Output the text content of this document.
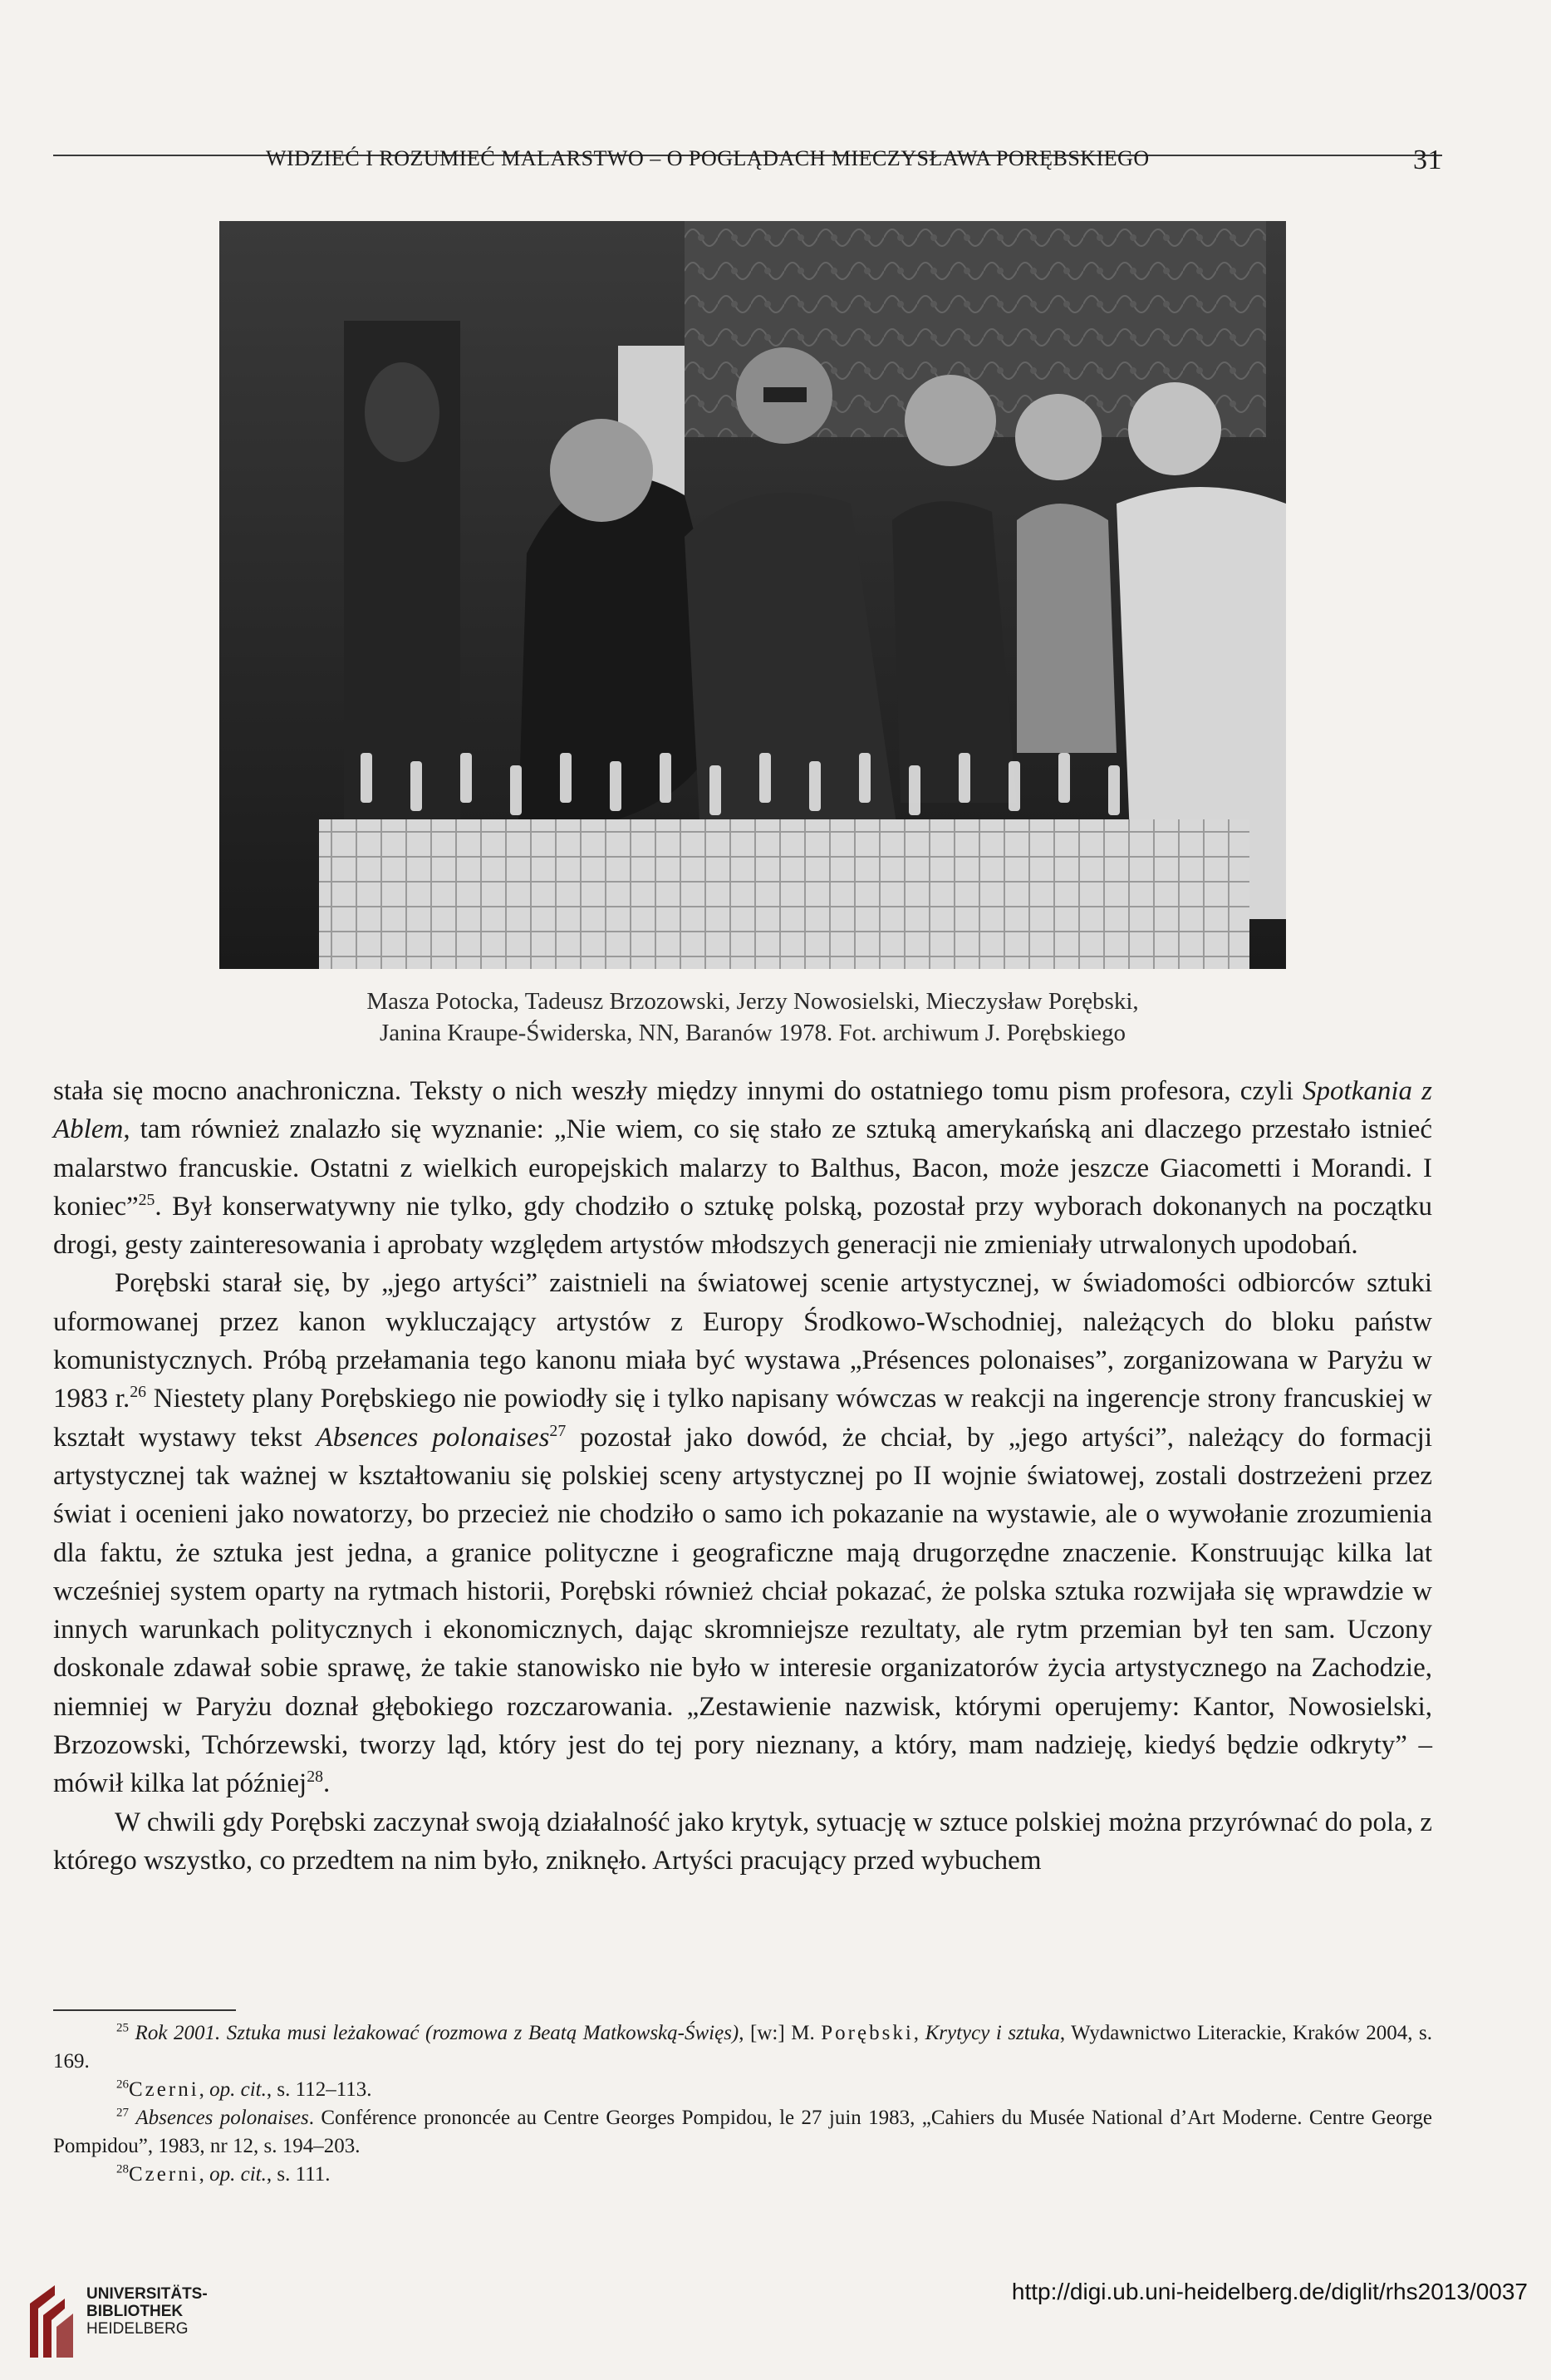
WIDZIEĆ I ROZUMIEĆ MALARSTWO – O POGLĄDACH MIECZYSŁAWA PORĘBSKIEGO	31
Masza Potocka, Tadeusz Brzozowski, Jerzy Nowosielski, Mieczysław Porębski,
Janina Kraupe-Świderska, NN, Baranów 1978. Fot. archiwum J. Porębskiego

stała się mocno anachroniczna. Teksty o nich weszły między innymi do ostatniego tomu pism profesora, czyli Spotkania z Ablem, tam również znalazło się wyznanie: „Nie wiem, co się stało ze sztuką amerykańską ani dlaczego przestało istnieć malarstwo francuskie. Ostatni z wielkich europejskich malarzy to Balthus, Bacon, może jeszcze Giacometti i Morandi. I koniec”$^{25}$. Był konserwatywny nie tylko, gdy chodziło o sztukę polską, pozostał przy wyborach dokonanych na początku drogi, gesty zainteresowania i aprobaty względem artystów młodszych generacji nie zmieniały utrwalonych upodobań.

Porębski starał się, by „jego artyści” zaistnieli na światowej scenie artystycznej, w świadomości odbiorców sztuki uformowanej przez kanon wykluczający artystów z Europy Środkowo-Wschodniej, należących do bloku państw komunistycznych. Próbą przełamania tego kanonu miała być wystawa „Présences polonaises”, zorganizowana w Paryżu w 1983 r.$^{26}$ Niestety plany Porębskiego nie powiodły się i tylko napisany wówczas w reakcji na ingerencje strony francuskiej w kształt wystawy tekst Absences polonaises$^{27}$ pozostał jako dowód, że chciał, by „jego artyści”, należący do formacji artystycznej tak ważnej w kształtowaniu się polskiej sceny artystycznej po II wojnie światowej, zostali dostrzeżeni przez świat i ocenieni jako nowatorzy, bo przecież nie chodziło o samo ich pokazanie na wystawie, ale o wywołanie zrozumienia dla faktu, że sztuka jest jedna, a granice polityczne i geograficzne mają drugorzędne znaczenie. Konstruując kilka lat wcześniej system oparty na rytmach historii, Porębski również chciał pokazać, że polska sztuka rozwijała się wprawdzie w innych warunkach politycznych i ekonomicznych, dając skromniejsze rezultaty, ale rytm przemian był ten sam. Uczony doskonale zdawał sobie sprawę, że takie stanowisko nie było w interesie organizatorów życia artystycznego na Zachodzie, niemniej w Paryżu doznał głębokiego rozczarowania. „Zestawienie nazwisk, którymi operujemy: Kantor, Nowosielski, Brzozowski, Tchórzewski, tworzy ląd, który jest do tej pory nieznany, a który, mam nadzieję, kiedyś będzie odkryty” – mówił kilka lat później$^{28}$.

W chwili gdy Porębski zaczynał swoją działalność jako krytyk, sytuację w sztuce polskiej można przyrównać do pola, z którego wszystko, co przedtem na nim było, zniknęło. Artyści pracujący przed wybuchem

$^{25}$ Rok 2001. Sztuka musi leżakować (rozmowa z Beatą Matkowską-Święs), [w:] M. Porębski, Krytycy i sztuka, Wydawnictwo Literackie, Kraków 2004, s. 169.

$^{26}$Czerni, op. cit., s. 112–113.

$^{27}$ Absences polonaises. Conférence prononcée au Centre Georges Pompidou, le 27 juin 1983, „Cahiers du Musée National d’Art Moderne. Centre George Pompidou”, 1983, nr 12, s. 194–203.

$^{28}$Czerni, op. cit., s. 111.

UNIVERSITÄTS-
BIBLIOTHEK
HEIDELBERG
http://digi.ub.uni-heidelberg.de/diglit/rhs2013/0037
